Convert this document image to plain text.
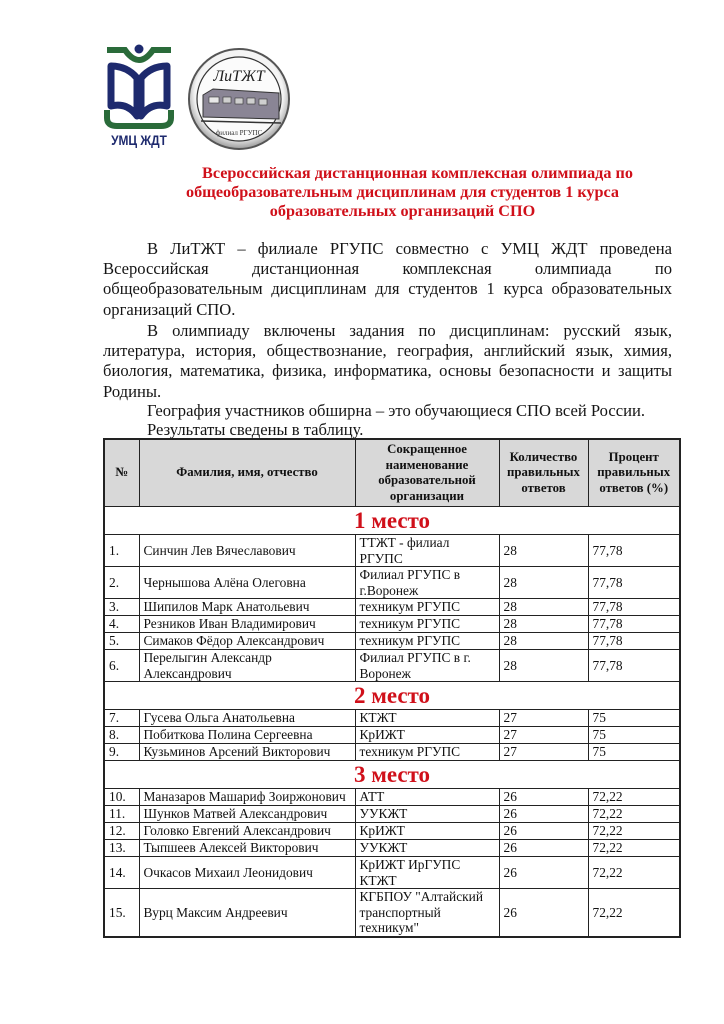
УМЦ ЖДТ
ЛиТЖТ
филиал РГУПС
Всероссийская дистанционная комплексная олимпиада по
общеобразовательным дисциплинам для студентов 1 курса
образовательных организаций СПО

В ЛиТЖТ – филиале РГУПС совместно с УМЦ ЖДТ проведена Всероссийская дистанционная комплексная олимпиада по общеобразовательным дисциплинам для студентов 1 курса образовательных организаций СПО.

В олимпиаду включены задания по дисциплинам: русский язык, литература, история, обществознание, география, английский язык, химия, биология, математика, физика, информатика, основы безопасности и защиты Родины.

География участников обширна – это обучающиеся СПО всей России.

Результаты сведены в таблицу.

№	Фамилия, имя, отчество	Сокращенное наименование образовательной организации	Количество правильных ответов	Процент правильных ответов (%)
1 место				
1.	Синчин Лев Вячеславович	ТТЖТ - филиал РГУПС	28	77,78
2.	Чернышова Алёна Олеговна	Филиал РГУПС в г.Воронеж	28	77,78
3.	Шипилов Марк Анатольевич	техникум РГУПС	28	77,78
4.	Резников Иван Владимирович	техникум РГУПС	28	77,78
5.	Симаков Фёдор Александрович	техникум РГУПС	28	77,78
6.	Перелыгин Александр Александрович	Филиал РГУПС в г. Воронеж	28	77,78
2 место				
7.	Гусева Ольга Анатольевна	КТЖТ	27	75
8.	Побиткова Полина Сергеевна	КрИЖТ	27	75
9.	Кузьминов Арсений Викторович	техникум РГУПС	27	75
3 место				
10.	Маназаров Машариф Зоиржонович	АТТ	26	72,22
11.	Шунков Матвей Александрович	УУКЖТ	26	72,22
12.	Головко Евгений Александрович	КрИЖТ	26	72,22
13.	Тыпшеев Алексей Викторович	УУКЖТ	26	72,22
14.	Очкасов Михаил Леонидович	КрИЖТ ИрГУПС КТЖТ	26	72,22
15.	Вурц Максим Андреевич	КГБПОУ "Алтайский транспортный техникум"	26	72,22
